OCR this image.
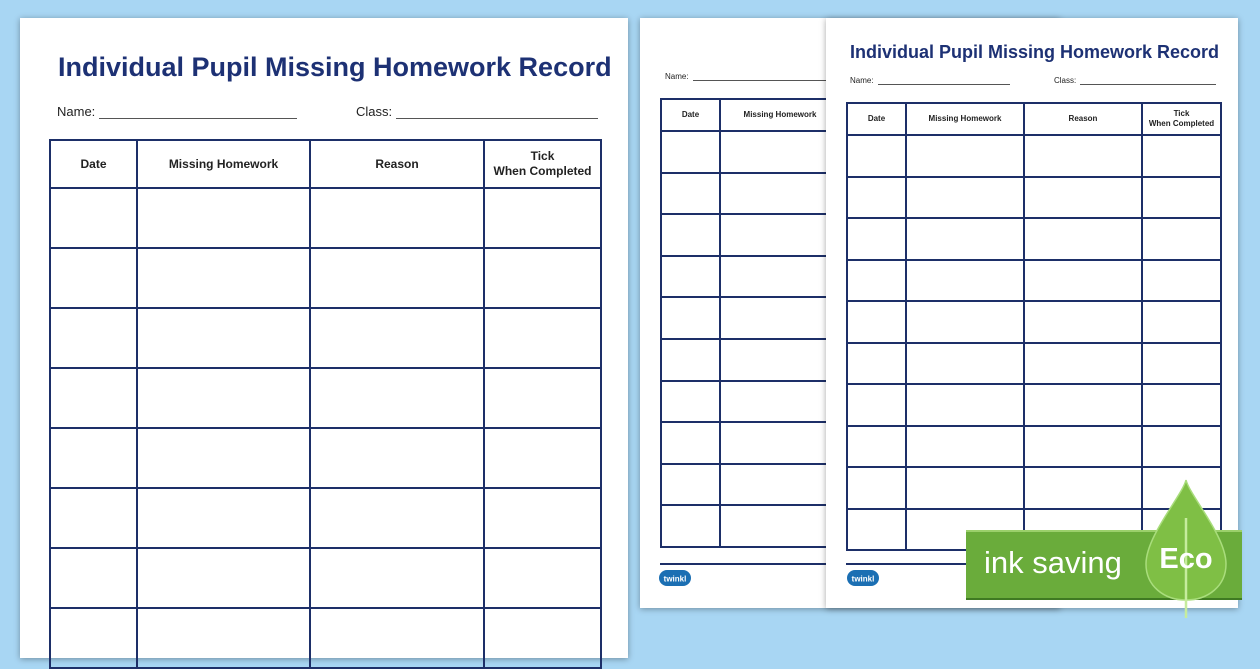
Individual Pupil Missing Homework Record
Name:	Class:
Date	Missing Homework	Reason	Tick
When Completed

Name:
Date	Missing Homework	

twinkl
Individual Pupil Missing Homework Record
Name:	Class:
Date	Missing Homework	Reason	Tick
When Completed

twinkl	ink saving Eco
